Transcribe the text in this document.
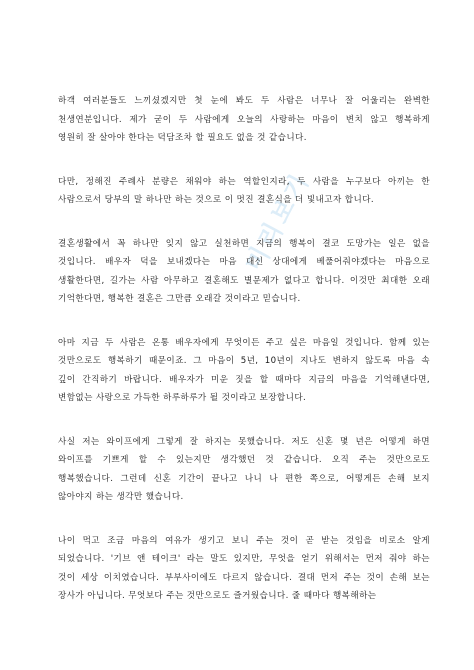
미리보기
하객 여러분들도 느끼셨겠지만 첫 눈에 봐도 두 사람은 너무나 잘 어울리는 완벽한
천생연분입니다. 제가 굳이 두 사람에게 오늘의 사랑하는 마음이 변치 않고 행복하게
영원히 잘 살아야 한다는 덕담조차 할 필요도 없을 것 같습니다.
다만, 정해진 주례사 분량은 채워야 하는 역할인지라, 두 사람을 누구보다 아끼는 한
사람으로서 당부의 말 하나만 하는 것으로 이 멋진 결혼식을 더 빛내고자 합니다.
결혼생활에서 꼭 하나만 잊지 않고 실천하면 지금의 행복이 결코 도망가는 일은 없을
것입니다. 배우자 덕을 보내겠다는 마음 대신 상대에게 베풀어줘야겠다는 마음으로
생활한다면, 길가는 사람 아무하고 결혼해도 별문제가 없다고 합니다. 이것만 최대한 오래
기억한다면, 행복한 결혼은 그만큼 오래갈 것이라고 믿습니다.
아마 지금 두 사람은 온통 배우자에게 무엇이든 주고 싶은 마음일 것입니다. 함께 있는
것만으로도 행복하기 때문이죠. 그 마음이 5년, 10년이 지나도 변하지 않도록 마음 속
깊이 간직하기 바랍니다. 배우자가 미운 짓을 할 때마다 지금의 마음을 기억해낸다면,
변함없는 사랑으로 가득한 하루하루가 될 것이라고 보장합니다.
사실 저는 와이프에게 그렇게 잘 하지는 못했습니다. 저도 신혼 몇 년은 어떻게 하면
와이프를 기쁘게 할 수 있는지만 생각했던 것 같습니다. 오직 주는 것만으로도
행복했습니다. 그런데 신혼 기간이 끝나고 나니 나 편한 쪽으로, 어떻게든 손해 보지
않아야지 하는 생각만 했습니다.
나이 먹고 조금 마음의 여유가 생기고 보니 주는 것이 곧 받는 것임을 비로소 알게
되었습니다. '기브 앤 테이크' 라는 말도 있지만, 무엇을 얻기 위해서는 먼저 줘야 하는
것이 세상 이치였습니다. 부부사이에도 다르지 않습니다. 결대 먼저 주는 것이 손해 보는
장사가 아닙니다. 무엇보다 주는 것만으로도 즐거웠습니다. 줄 때마다 행복해하는
